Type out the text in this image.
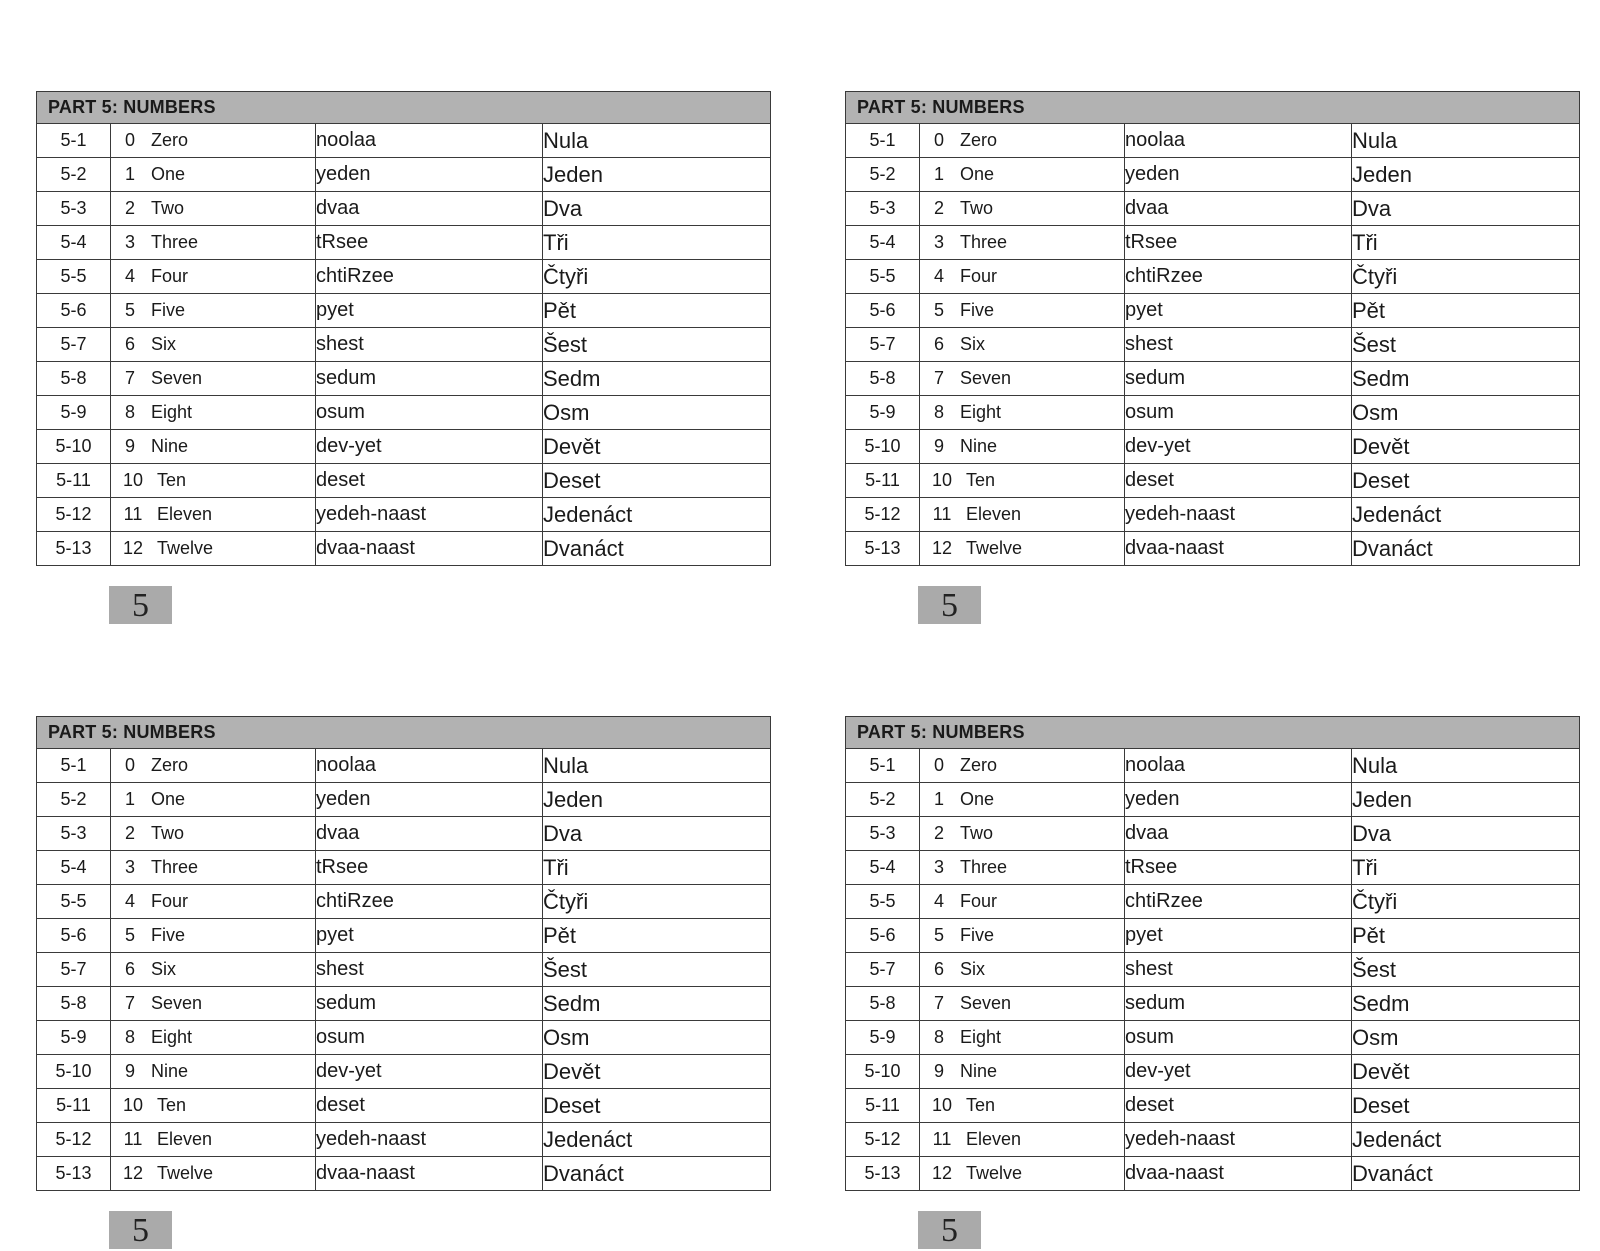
PART 5: NUMBERS			
5-1	0 Zero	noolaa	Nula
5-2	1 One	yeden	Jeden
5-3	2 Two	dvaa	Dva
5-4	3 Three	tRsee	Tři
5-5	4 Four	chtiRzee	Čtyři
5-6	5 Five	pyet	Pět
5-7	6 Six	shest	Šest
5-8	7 Seven	sedum	Sedm
5-9	8 Eight	osum	Osm
5-10	9 Nine	dev-yet	Devět
5-11	10 Ten	deset	Deset
5-12	11 Eleven	yedeh-naast	Jedenáct
5-13	12 Twelve	dvaa-naast	Dvanáct
5
PART 5: NUMBERS			
5-1	0 Zero	noolaa	Nula
5-2	1 One	yeden	Jeden
5-3	2 Two	dvaa	Dva
5-4	3 Three	tRsee	Tři
5-5	4 Four	chtiRzee	Čtyři
5-6	5 Five	pyet	Pět
5-7	6 Six	shest	Šest
5-8	7 Seven	sedum	Sedm
5-9	8 Eight	osum	Osm
5-10	9 Nine	dev-yet	Devět
5-11	10 Ten	deset	Deset
5-12	11 Eleven	yedeh-naast	Jedenáct
5-13	12 Twelve	dvaa-naast	Dvanáct
5
PART 5: NUMBERS			
5-1	0 Zero	noolaa	Nula
5-2	1 One	yeden	Jeden
5-3	2 Two	dvaa	Dva
5-4	3 Three	tRsee	Tři
5-5	4 Four	chtiRzee	Čtyři
5-6	5 Five	pyet	Pět
5-7	6 Six	shest	Šest
5-8	7 Seven	sedum	Sedm
5-9	8 Eight	osum	Osm
5-10	9 Nine	dev-yet	Devět
5-11	10 Ten	deset	Deset
5-12	11 Eleven	yedeh-naast	Jedenáct
5-13	12 Twelve	dvaa-naast	Dvanáct
5
PART 5: NUMBERS			
5-1	0 Zero	noolaa	Nula
5-2	1 One	yeden	Jeden
5-3	2 Two	dvaa	Dva
5-4	3 Three	tRsee	Tři
5-5	4 Four	chtiRzee	Čtyři
5-6	5 Five	pyet	Pět
5-7	6 Six	shest	Šest
5-8	7 Seven	sedum	Sedm
5-9	8 Eight	osum	Osm
5-10	9 Nine	dev-yet	Devět
5-11	10 Ten	deset	Deset
5-12	11 Eleven	yedeh-naast	Jedenáct
5-13	12 Twelve	dvaa-naast	Dvanáct
5
